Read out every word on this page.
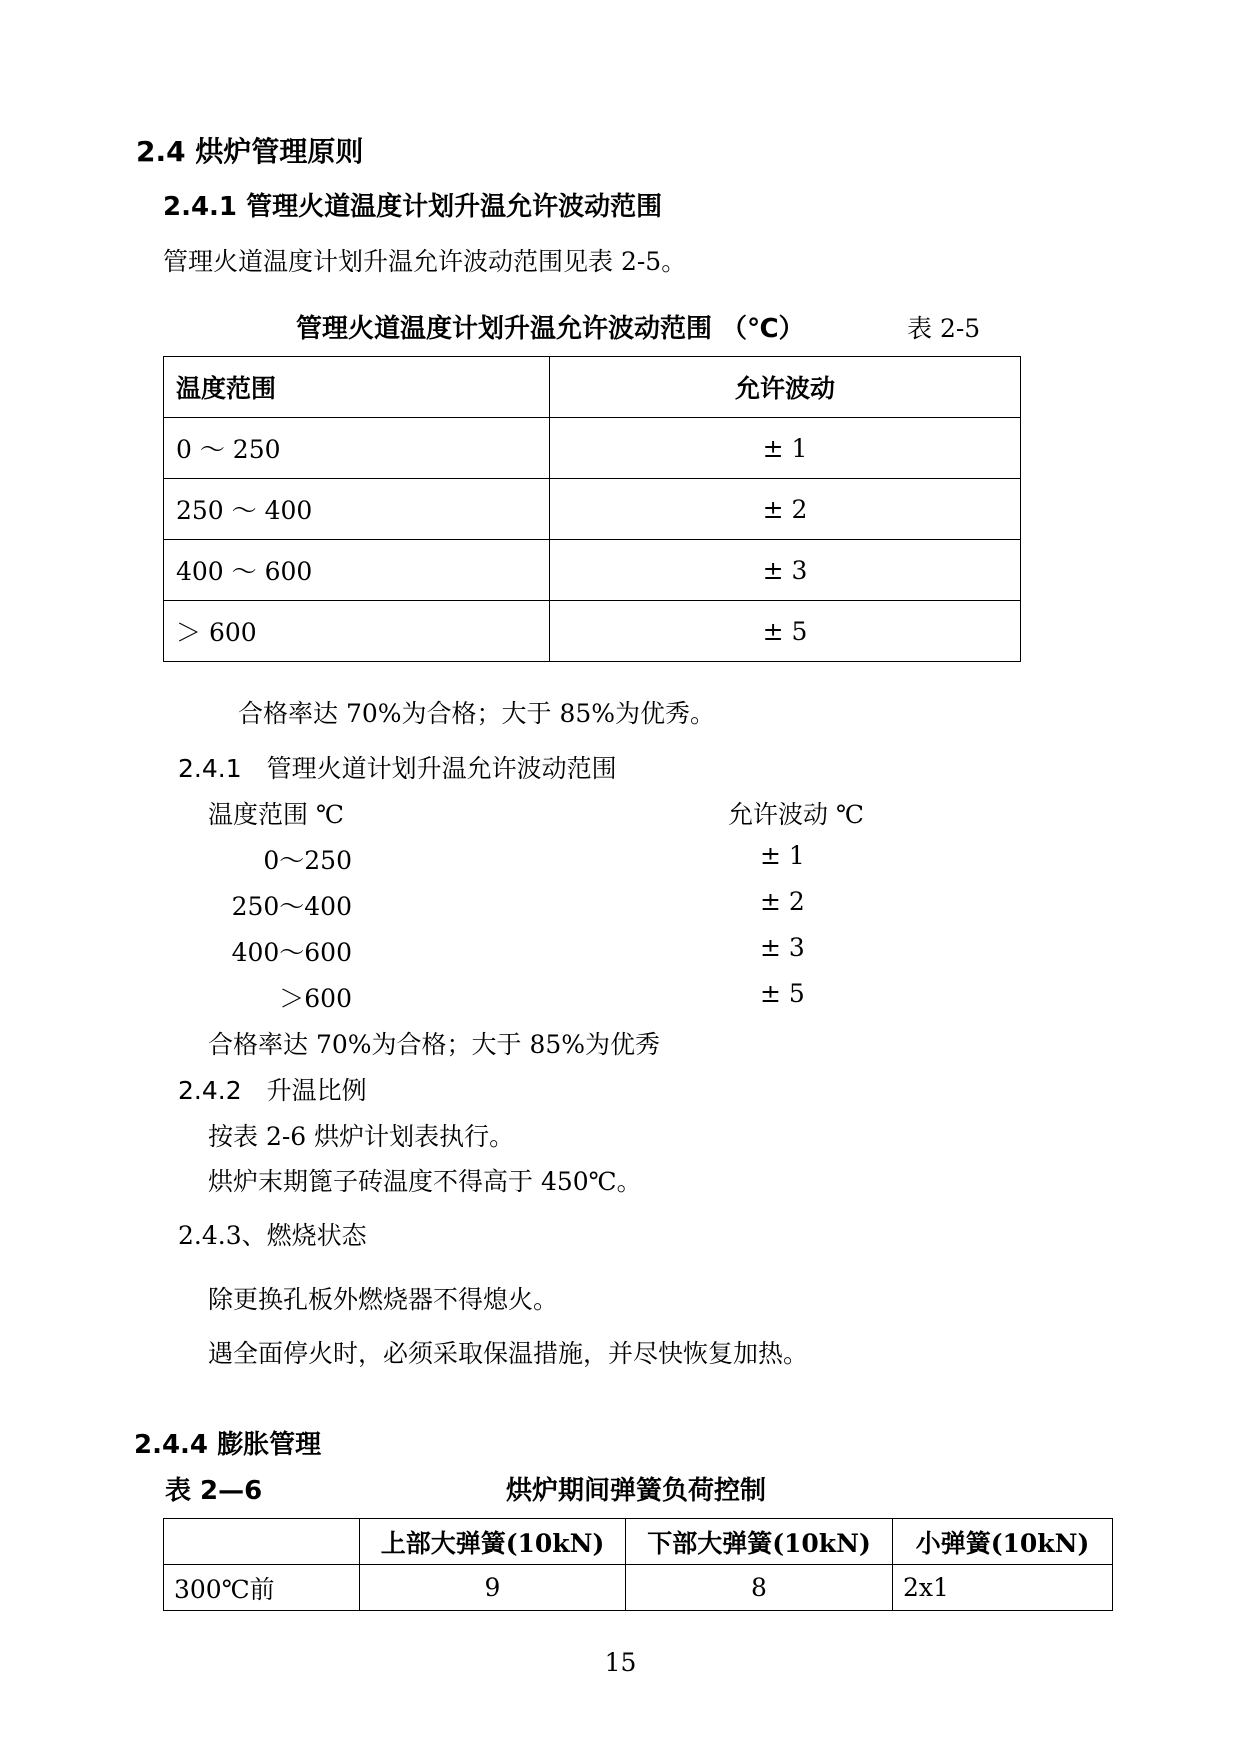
2.4 烘炉管理原则
2.4.1 管理火道温度计划升温允许波动范围
管理火道温度计划升温允许波动范围见表 2-5。
管理火道温度计划升温允许波动范围 （℃）	表 2-5
温度范围	允许波动
0 ～ 250	± 1
250 ～ 400	± 2
400 ～ 600	± 3
＞ 600	± 5
合格率达 70%为合格；大于 85%为优秀。
2.4.1　管理火道计划升温允许波动范围
温度范围 ℃	允许波动 ℃
0～250	± 1
250～400	± 2
400～600	± 3
＞600	± 5
合格率达 70%为合格；大于 85%为优秀
2.4.2　升温比例
按表 2-6 烘炉计划表执行。
烘炉末期篦子砖温度不得高于 450℃。
2.4.3、燃烧状态
除更换孔板外燃烧器不得熄火。
遇全面停火时，必须采取保温措施，并尽快恢复加热。
2.4.4 膨胀管理
表 2—6	烘炉期间弹簧负荷控制
	上部大弹簧(10kN)	下部大弹簧(10kN)	小弹簧(10kN)
300℃前	9	8	2x1
15
